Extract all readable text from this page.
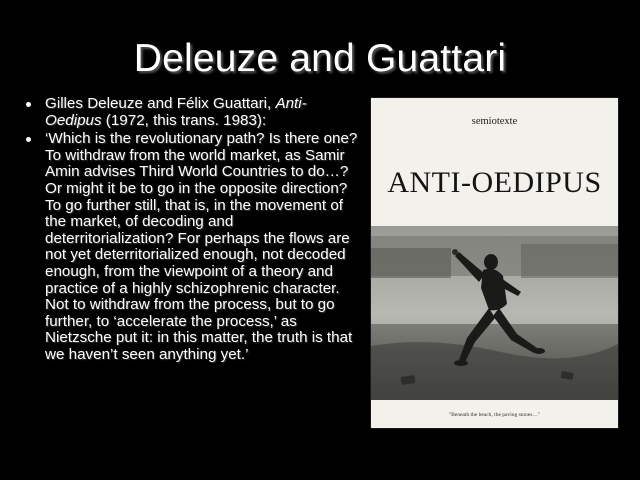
Deleuze and Guattari
Gilles Deleuze and Félix Guattari, Anti-Oedipus (1972, this trans. 1983):
‘Which is the revolutionary path? Is there one? To withdraw from the world market, as Samir Amin advises Third World Countries to do…? Or might it be to go in the opposite direction? To go further still, that is, in the movement of the market, of decoding and deterritorialization? For perhaps the flows are not yet deterritorialized enough, not decoded enough, from the viewpoint of a theory and practice of a highly schizophrenic character. Not to withdraw from the process, but to go further, to ‘accelerate the process,’ as Nietzsche put it: in this matter, the truth is that we haven’t seen anything yet.’
semiotexte
ANTI-OEDIPUS
"Beneath the beach, the paving stones…"
